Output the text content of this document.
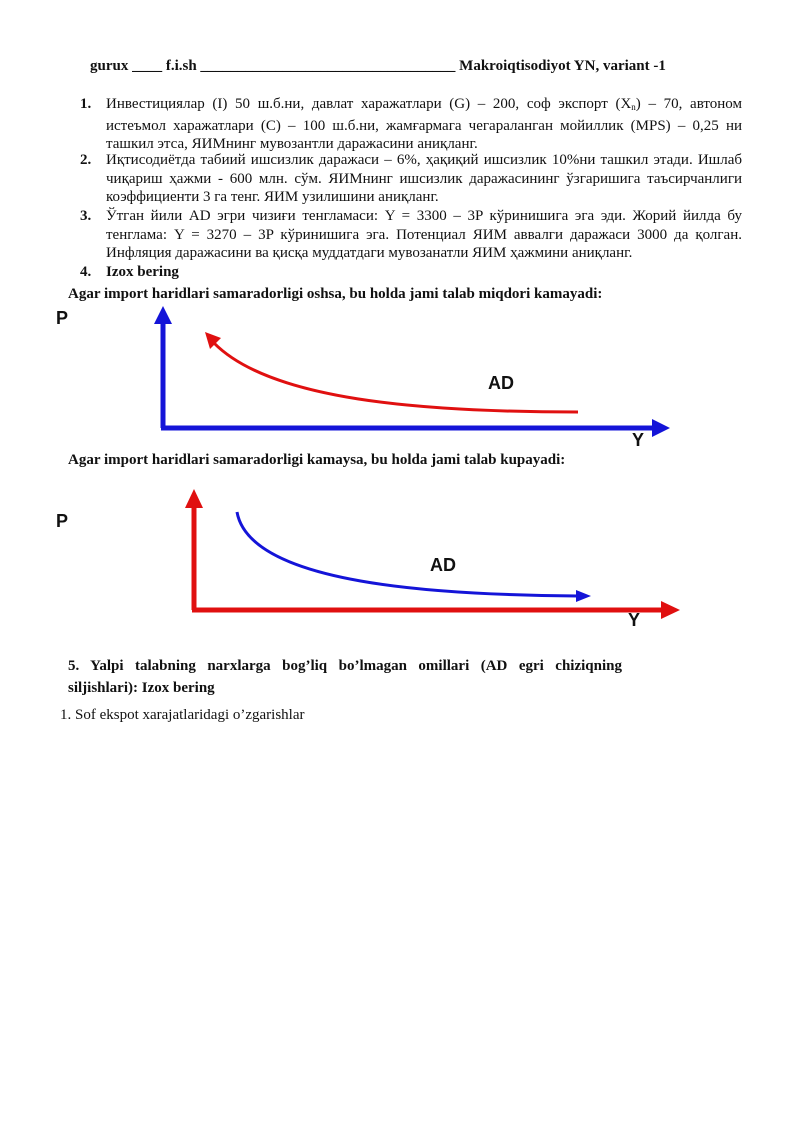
gurux ____ f.i.sh __________________________________ Makroiqtisodiyot YN, variant -1
1. Инвестициялар (I) 50 ш.б.ни, давлат харажатлари (G) – 200, соф экспорт $(X_n) - 70$, автоном истеъмол харажатлари (C) – 100 ш.б.ни, жамғармага чегараланган мойиллик (MPS) – 0,25 ни ташкил этса, ЯИМнинг мувозантли даражасини аниқланг.
2. Иқтисодиётда табиий ишсизлик даражаси – 6%, ҳақиқий ишсизлик 10%ни ташкил этади. Ишлаб чиқариш ҳажми - 600 млн. сўм. ЯИМнинг ишсизлик даражасининг ўзгаришига таъсирчанлиги коэффициенти 3 га тенг. ЯИМ узилишини аниқланг.
3. Ўтган йили AD эгри чизиғи тенгламаси: Y = 3300 – 3P кўринишига эга эди. Жорий йилда бу тенглама: Y = 3270 – 3P кўринишига эга. Потенциал ЯИМ аввалги даражаси 3000 да қолган. Инфляция даражасини ва қисқа муддатдаги мувозанатли ЯИМ ҳажмини аниқланг.
4. Izox bering
Agar import haridlari samaradorligi oshsa, bu holda jami talab miqdori kamayadi:
P
Y
AD
Agar import haridlari samaradorligi kamaysa, bu holda jami talab kupayadi:
P
Y
AD
5. Yalpi talabning narxlarga bog’liq bo’lmagan omillari (AD egri chiziqning siljishlari): Izox bering
1. Sof ekspot xarajatlaridagi o’zgarishlar
